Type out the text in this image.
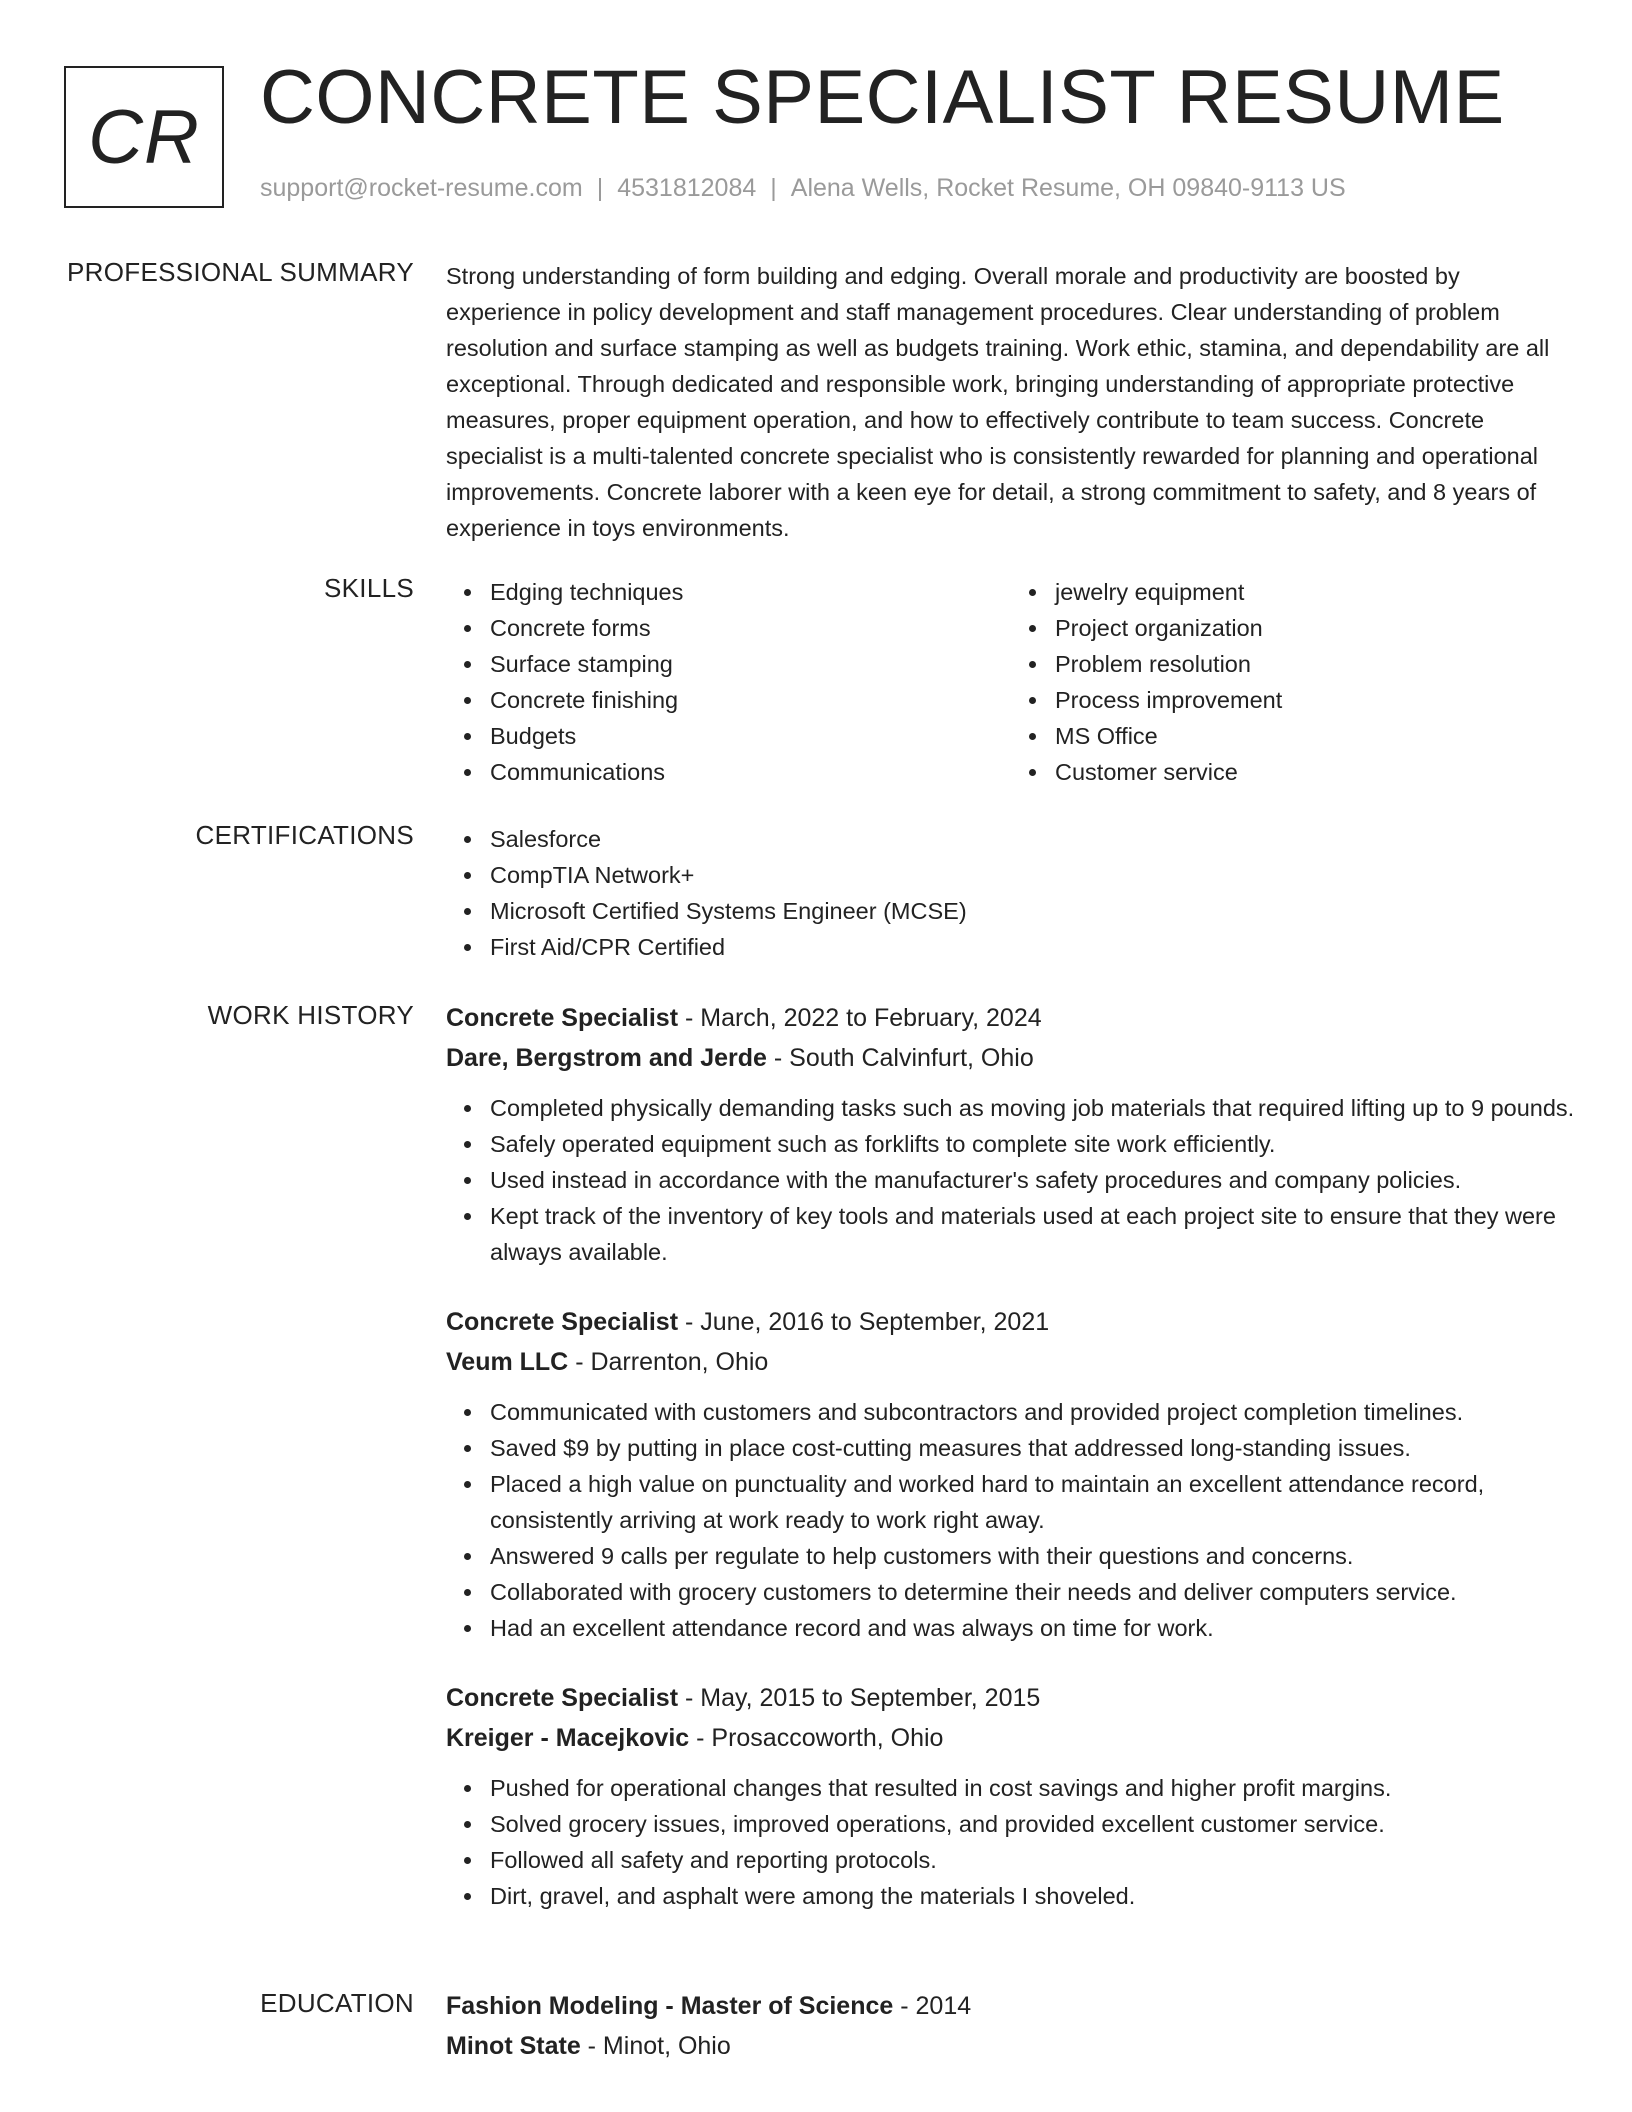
CR CONCRETE SPECIALIST RESUME
support@rocket-resume.com | 4531812084 | Alena Wells, Rocket Resume, OH 09840-9113 US
PROFESSIONAL SUMMARY Strong understanding of form building and edging. Overall morale and productivity are boosted by experience in policy development and staff management procedures. Clear understanding of problem resolution and surface stamping as well as budgets training. Work ethic, stamina, and dependability are all exceptional. Through dedicated and responsible work, bringing understanding of appropriate protective measures, proper equipment operation, and how to effectively contribute to team success. Concrete specialist is a multi-talented concrete specialist who is consistently rewarded for planning and operational improvements. Concrete laborer with a keen eye for detail, a strong commitment to safety, and 8 years of experience in toys environments.

SKILLS	Edging techniques
Concrete forms
Surface stamping
Concrete finishing
Budgets
Communications
jewelry equipment
Project organization
Problem resolution
Process improvement
MS Office
Customer service
CERTIFICATIONS	Salesforce
CompTIA Network+
Microsoft Certified Systems Engineer (MCSE)
First Aid/CPR Certified
WORK HISTORY Concrete Specialist - March, 2022 to February, 2024
Dare, Bergstrom and Jerde - South Calvinfurt, Ohio
Completed physically demanding tasks such as moving job materials that required lifting up to 9 pounds.
Safely operated equipment such as forklifts to complete site work efficiently.
Used instead in accordance with the manufacturer's safety procedures and company policies.
Kept track of the inventory of key tools and materials used at each project site to ensure that they were always available.
Concrete Specialist - June, 2016 to September, 2021
Veum LLC - Darrenton, Ohio
Communicated with customers and subcontractors and provided project completion timelines.
Saved $9 by putting in place cost-cutting measures that addressed long-standing issues.
Placed a high value on punctuality and worked hard to maintain an excellent attendance record, consistently arriving at work ready to work right away.
Answered 9 calls per regulate to help customers with their questions and concerns.
Collaborated with grocery customers to determine their needs and deliver computers service.
Had an excellent attendance record and was always on time for work.
Concrete Specialist - May, 2015 to September, 2015
Kreiger - Macejkovic - Prosaccoworth, Ohio
Pushed for operational changes that resulted in cost savings and higher profit margins.
Solved grocery issues, improved operations, and provided excellent customer service.
Followed all safety and reporting protocols.
Dirt, gravel, and asphalt were among the materials I shoveled.
EDUCATION Fashion Modeling - Master of Science - 2014
Minot State - Minot, Ohio
